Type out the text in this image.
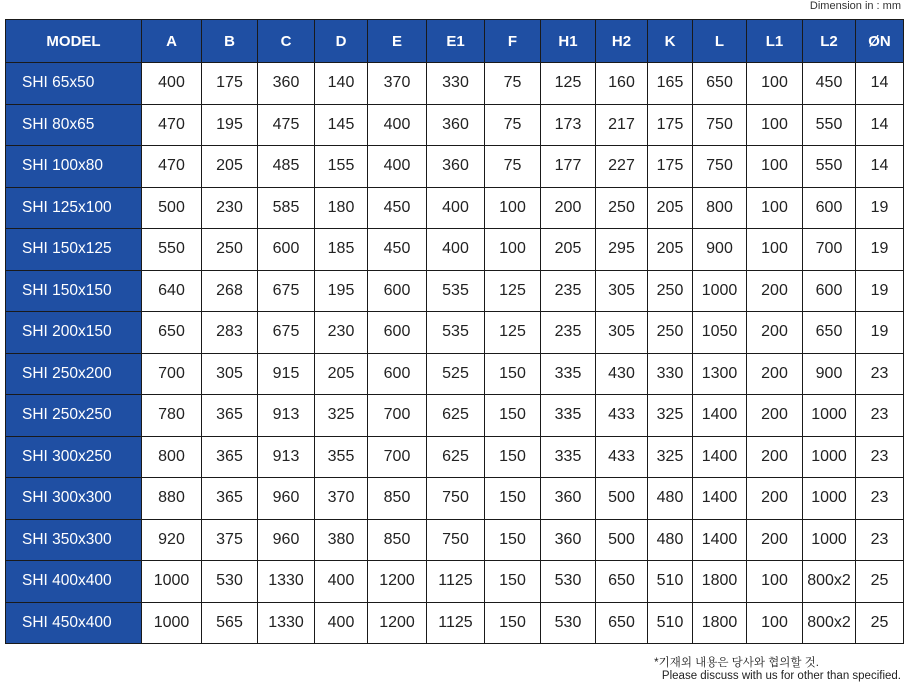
Dimension in : mm
MODEL	A	B	C	D	E	E1	F	H1	H2	K	L	L1	L2	ØN
SHI 65x50	400	175	360	140	370	330	75	125	160	165	650	100	450	14
SHI 80x65	470	195	475	145	400	360	75	173	217	175	750	100	550	14
SHI 100x80	470	205	485	155	400	360	75	177	227	175	750	100	550	14
SHI 125x100	500	230	585	180	450	400	100	200	250	205	800	100	600	19
SHI 150x125	550	250	600	185	450	400	100	205	295	205	900	100	700	19
SHI 150x150	640	268	675	195	600	535	125	235	305	250	1000	200	600	19
SHI 200x150	650	283	675	230	600	535	125	235	305	250	1050	200	650	19
SHI 250x200	700	305	915	205	600	525	150	335	430	330	1300	200	900	23
SHI 250x250	780	365	913	325	700	625	150	335	433	325	1400	200	1000	23
SHI 300x250	800	365	913	355	700	625	150	335	433	325	1400	200	1000	23
SHI 300x300	880	365	960	370	850	750	150	360	500	480	1400	200	1000	23
SHI 350x300	920	375	960	380	850	750	150	360	500	480	1400	200	1000	23
SHI 400x400	1000	530	1330	400	1200	1125	150	530	650	510	1800	100	800x2	25
SHI 450x400	1000	565	1330	400	1200	1125	150	530	650	510	1800	100	800x2	25
*기재외 내용은 당사와 협의할 것.
Please discuss with us for other than specified.
